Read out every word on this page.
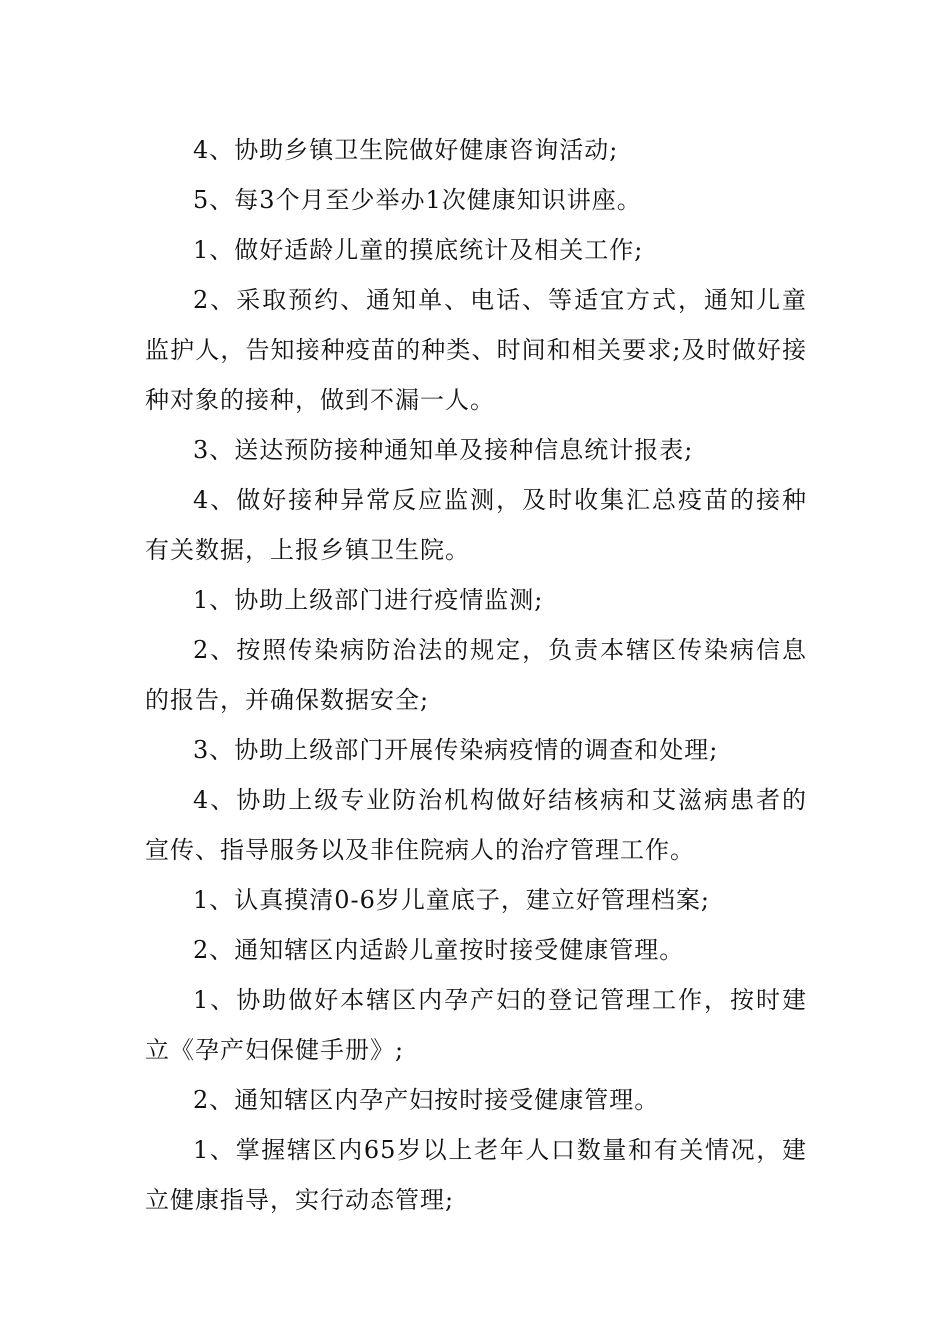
4、协助乡镇卫生院做好健康咨询活动;

5、每3个月至少举办1次健康知识讲座。

1、做好适龄儿童的摸底统计及相关工作;

2、采取预约、通知单、电话、等适宜方式，通知儿童监护人，告知接种疫苗的种类、时间和相关要求;及时做好接种对象的接种，做到不漏一人。

3、送达预防接种通知单及接种信息统计报表;

4、做好接种异常反应监测，及时收集汇总疫苗的接种有关数据，上报乡镇卫生院。

1、协助上级部门进行疫情监测;

2、按照传染病防治法的规定，负责本辖区传染病信息的报告，并确保数据安全;

3、协助上级部门开展传染病疫情的调查和处理;

4、协助上级专业防治机构做好结核病和艾滋病患者的宣传、指导服务以及非住院病人的治疗管理工作。

1、认真摸清0-6岁儿童底子，建立好管理档案;

2、通知辖区内适龄儿童按时接受健康管理。

1、协助做好本辖区内孕产妇的登记管理工作，按时建立《孕产妇保健手册》;

2、通知辖区内孕产妇按时接受健康管理。

1、掌握辖区内65岁以上老年人口数量和有关情况，建立健康指导，实行动态管理;
